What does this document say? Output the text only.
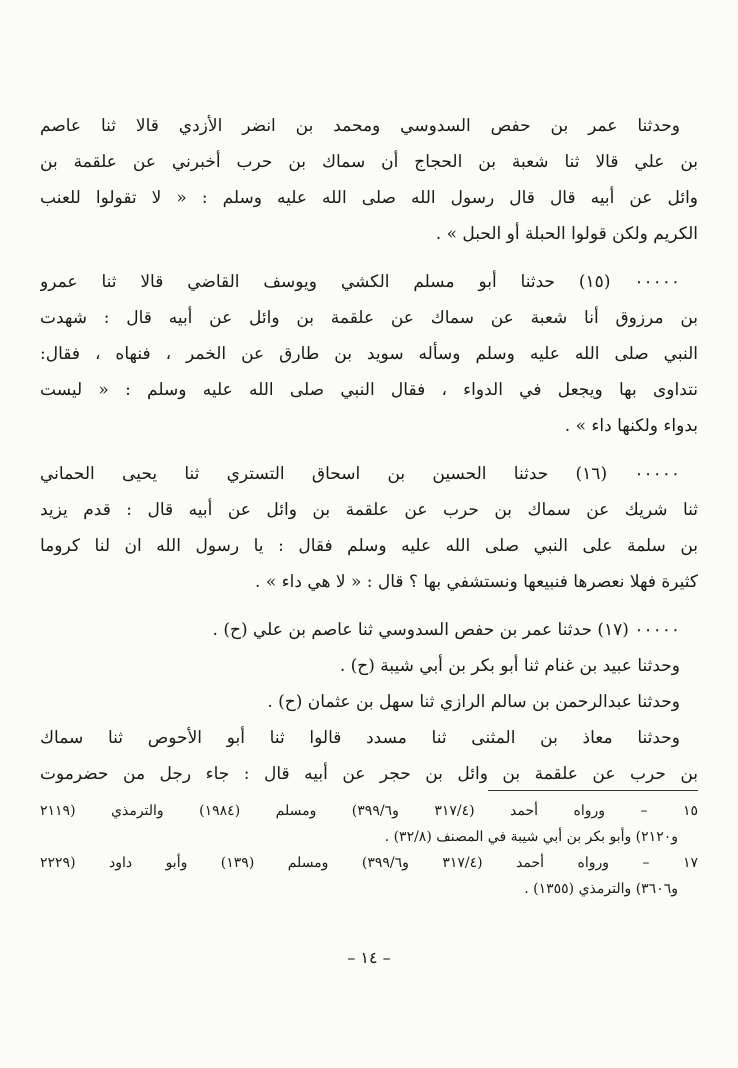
وحدثنا عمر بن حفص السدوسي ومحمد بن انضر الأزدي قالا ثنا عاصم
بن علي قالا ثنا شعبة بن الحجاج أن سماك بن حرب أخبرني عن علقمة بن
وائل عن أبيه قال قال رسول الله صلى الله عليه وسلم : « لا تقولوا للعنب
الكريم ولكن قولوا الحبلة أو الحبل » .
٠٠٠٠٠ (١٥) حدثنا أبو مسلم الكشي ويوسف القاضي قالا ثنا عمرو
بن مرزوق أنا شعبة عن سماك عن علقمة بن وائل عن أبيه قال : شهدت
النبي صلى الله عليه وسلم وسأله سويد بن طارق عن الخمر ، فنهاه ، فقال:
نتداوى بها ويجعل في الدواء ، فقال النبي صلى الله عليه وسلم : « ليست
بدواء ولكنها داء » .
٠٠٠٠٠ (١٦) حدثنا الحسين بن اسحاق التستري ثنا يحيى الحماني
ثنا شريك عن سماك بن حرب عن علقمة بن وائل عن أبيه قال : قدم يزيد
بن سلمة على النبي صلى الله عليه وسلم فقال : يا رسول الله ان لنا كروما
كثيرة فهلا نعصرها فنبيعها ونستشفي بها ؟ قال : « لا هي داء » .
٠٠٠٠٠ (١٧) حدثنا عمر بن حفص السدوسي ثنا عاصم بن علي (ح) .
وحدثنا عبيد بن غنام ثنا أبو بكر بن أبي شيبة (ح) .
وحدثنا عبدالرحمن بن سالم الرازي ثنا سهل بن عثمان (ح) .
وحدثنا معاذ بن المثنى ثنا مسدد قالوا ثنا أبو الأحوص ثنا سماك
بن حرب عن علقمة بن وائل بن حجر عن أبيه قال : جاء رجل من حضرموت
١٥ – ورواه أحمد (٣١٧/٤ و٣٩٩/٦) ومسلم (١٩٨٤) والترمذي (٢١١٩
و٢١٢٠) وأبو بكر بن أبي شيبة في المصنف (٣٢/٨) .
١٧ – ورواه أحمد (٣١٧/٤ و٣٩٩/٦) ومسلم (١٣٩) وأبو داود (٢٢٢٩
و٣٦٠٦) والترمذي (١٣٥٥) .
– ١٤ –
